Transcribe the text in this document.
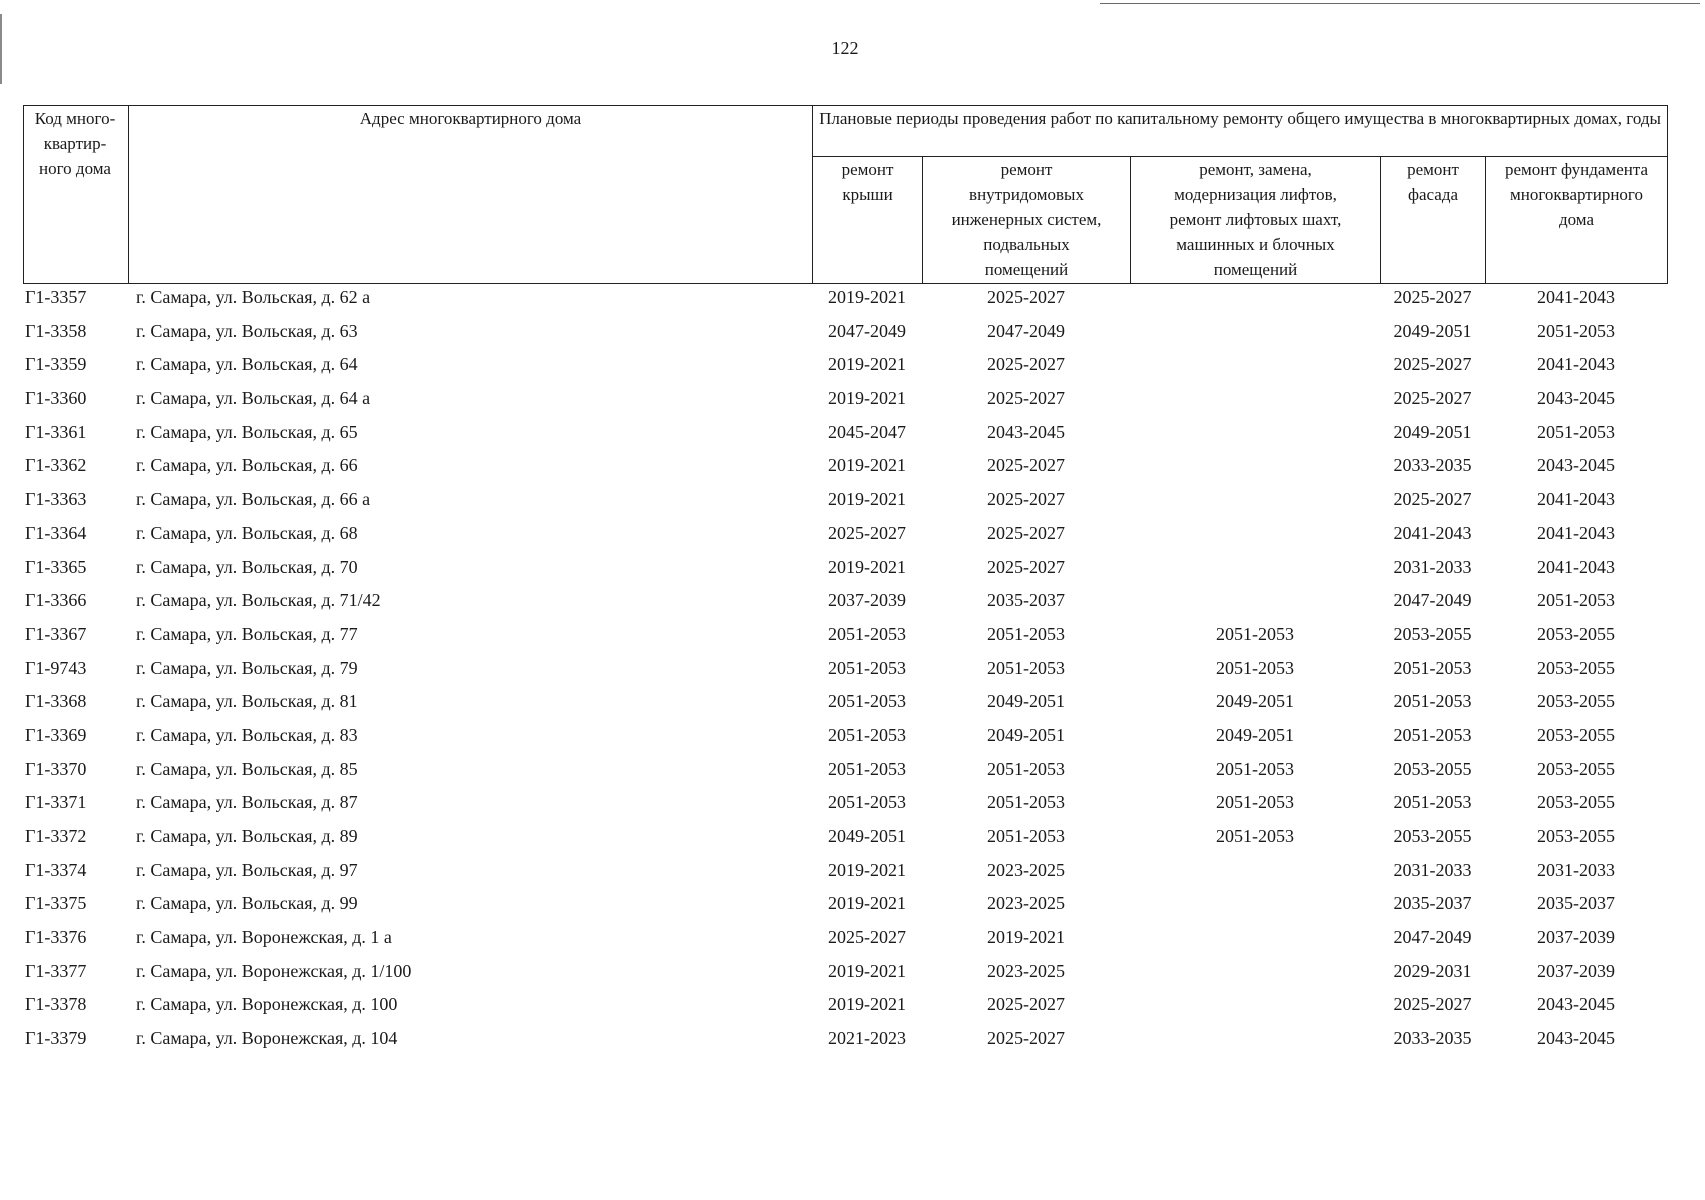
122
Код много-
квартир-
ного дома	Адрес многоквартирного дома	Плановые периоды проведения работ по капитальному ремонту общего имущества в многоквартирных домах, годы				

		ремонт
крыши	ремонт
внутридомовых
инженерных систем,
подвальных
помещений	ремонт, замена,
модернизация лифтов,
ремонт лифтовых шахт,
машинных и блочных
помещений	ремонт
фасада	ремонт фундамента
многоквартирного
дома
Г1-3357	г. Самара, ул. Вольская, д. 62 а	2019-2021	2025-2027		2025-2027	2041-2043
Г1-3358	г. Самара, ул. Вольская, д. 63	2047-2049	2047-2049		2049-2051	2051-2053
Г1-3359	г. Самара, ул. Вольская, д. 64	2019-2021	2025-2027		2025-2027	2041-2043
Г1-3360	г. Самара, ул. Вольская, д. 64 а	2019-2021	2025-2027		2025-2027	2043-2045
Г1-3361	г. Самара, ул. Вольская, д. 65	2045-2047	2043-2045		2049-2051	2051-2053
Г1-3362	г. Самара, ул. Вольская, д. 66	2019-2021	2025-2027		2033-2035	2043-2045
Г1-3363	г. Самара, ул. Вольская, д. 66 а	2019-2021	2025-2027		2025-2027	2041-2043
Г1-3364	г. Самара, ул. Вольская, д. 68	2025-2027	2025-2027		2041-2043	2041-2043
Г1-3365	г. Самара, ул. Вольская, д. 70	2019-2021	2025-2027		2031-2033	2041-2043
Г1-3366	г. Самара, ул. Вольская, д. 71/42	2037-2039	2035-2037		2047-2049	2051-2053
Г1-3367	г. Самара, ул. Вольская, д. 77	2051-2053	2051-2053	2051-2053	2053-2055	2053-2055
Г1-9743	г. Самара, ул. Вольская, д. 79	2051-2053	2051-2053	2051-2053	2051-2053	2053-2055
Г1-3368	г. Самара, ул. Вольская, д. 81	2051-2053	2049-2051	2049-2051	2051-2053	2053-2055
Г1-3369	г. Самара, ул. Вольская, д. 83	2051-2053	2049-2051	2049-2051	2051-2053	2053-2055
Г1-3370	г. Самара, ул. Вольская, д. 85	2051-2053	2051-2053	2051-2053	2053-2055	2053-2055
Г1-3371	г. Самара, ул. Вольская, д. 87	2051-2053	2051-2053	2051-2053	2051-2053	2053-2055
Г1-3372	г. Самара, ул. Вольская, д. 89	2049-2051	2051-2053	2051-2053	2053-2055	2053-2055
Г1-3374	г. Самара, ул. Вольская, д. 97	2019-2021	2023-2025		2031-2033	2031-2033
Г1-3375	г. Самара, ул. Вольская, д. 99	2019-2021	2023-2025		2035-2037	2035-2037
Г1-3376	г. Самара, ул. Воронежская, д. 1 а	2025-2027	2019-2021		2047-2049	2037-2039
Г1-3377	г. Самара, ул. Воронежская, д. 1/100	2019-2021	2023-2025		2029-2031	2037-2039
Г1-3378	г. Самара, ул. Воронежская, д. 100	2019-2021	2025-2027		2025-2027	2043-2045
Г1-3379	г. Самара, ул. Воронежская, д. 104	2021-2023	2025-2027		2033-2035	2043-2045
